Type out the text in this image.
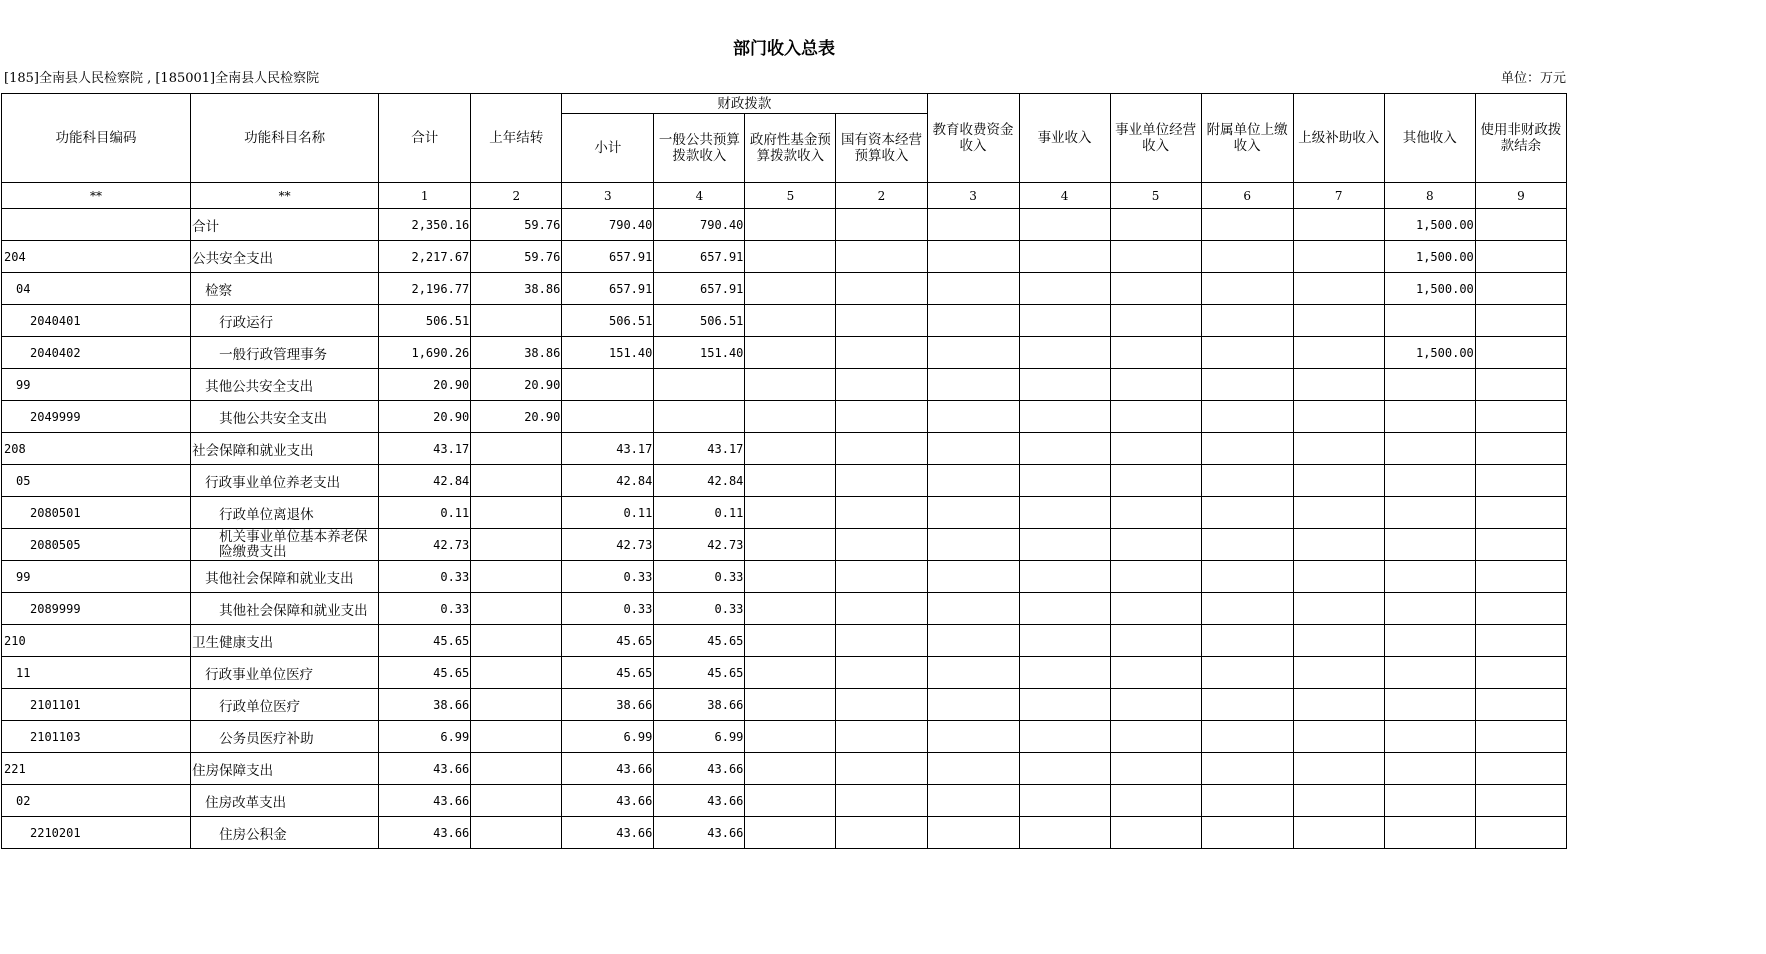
部门收入总表
[185]全南县人民检察院 , [185001]全南县人民检察院	单位：万元
功能科目编码	功能科目名称	合计	上年结转	财政拨款				教育收费资金收入	事业收入	事业单位经营收入	附属单位上缴收入	上级补助收入	其他收入	使用非财政拨款结余
				小计	一般公共预算拨款收入	政府性基金预算拨款收入	国有资本经营预算收入							
**	**	1	2	3	4	5	2	3	4	5	6	7	8	9
	合计	2,350.16	59.76	790.40	790.40								1,500.00	
204	公共安全支出	2,217.67	59.76	657.91	657.91								1,500.00	
04	检察	2,196.77	38.86	657.91	657.91								1,500.00	
2040401	行政运行	506.51		506.51	506.51									
2040402	一般行政管理事务	1,690.26	38.86	151.40	151.40								1,500.00	
99	其他公共安全支出	20.90	20.90											
2049999	其他公共安全支出	20.90	20.90											
208	社会保障和就业支出	43.17		43.17	43.17									
05	行政事业单位养老支出	42.84		42.84	42.84									
2080501	行政单位离退休	0.11		0.11	0.11									
2080505	机关事业单位基本养老保险缴费支出	42.73		42.73	42.73									
99	其他社会保障和就业支出	0.33		0.33	0.33									
2089999	其他社会保障和就业支出	0.33		0.33	0.33									
210	卫生健康支出	45.65		45.65	45.65									
11	行政事业单位医疗	45.65		45.65	45.65									
2101101	行政单位医疗	38.66		38.66	38.66									
2101103	公务员医疗补助	6.99		6.99	6.99									
221	住房保障支出	43.66		43.66	43.66									
02	住房改革支出	43.66		43.66	43.66									
2210201	住房公积金	43.66		43.66	43.66									
